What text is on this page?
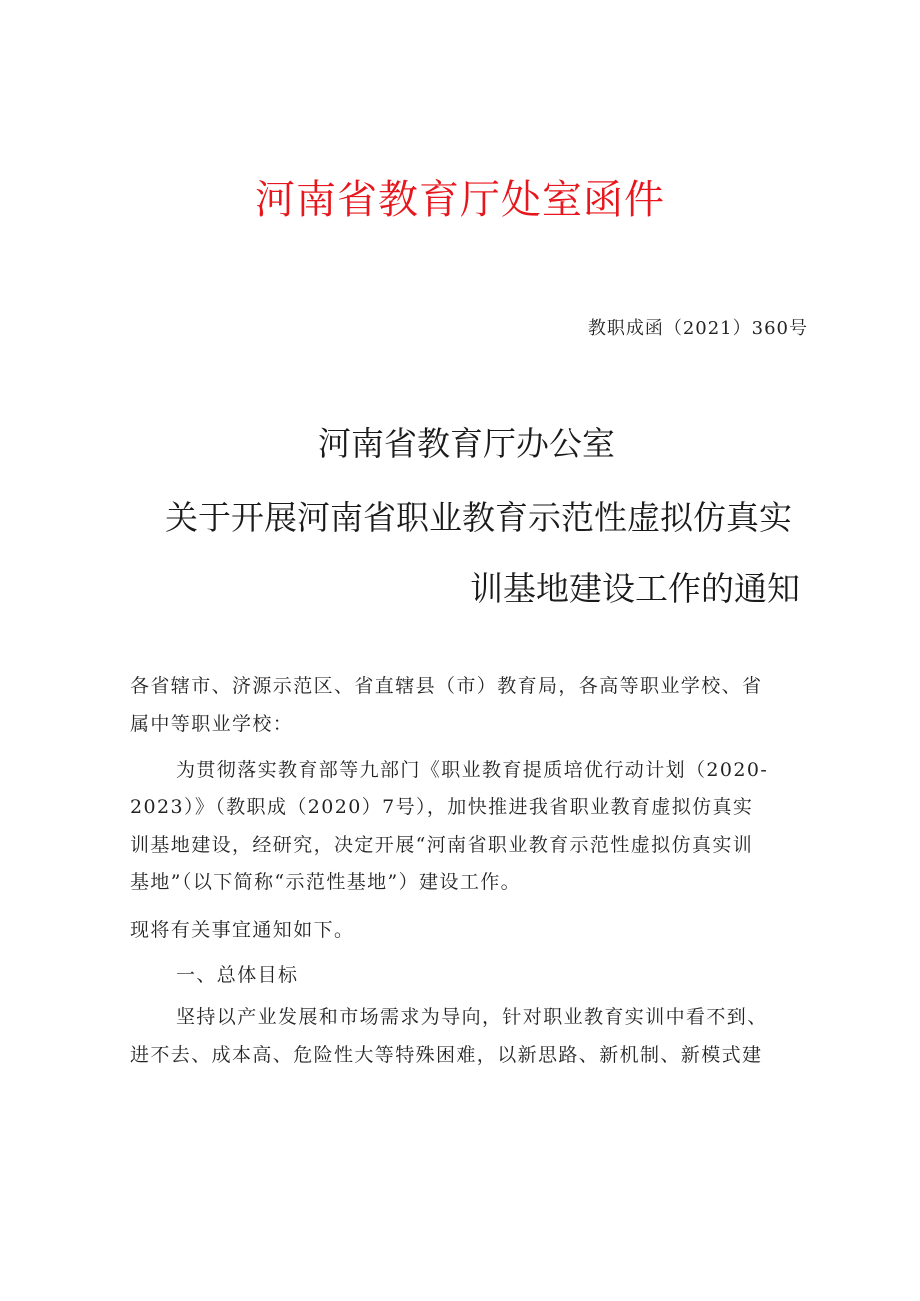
河南省教育厅处室函件
教职成函（2021）360号
河南省教育厅办公室
关于开展河南省职业教育示范性虚拟仿真实
训基地建设工作的通知
各省辖市、济源示范区、省直辖县（市）教育局，各高等职业学校、省
属中等职业学校：
为贯彻落实教育部等九部门《职业教育提质培优行动计划（2020-
2023）》（教职成（2020）7号），加快推进我省职业教育虚拟仿真实
训基地建设，经研究，决定开展“河南省职业教育示范性虚拟仿真实训
基地”（以下简称“示范性基地”）建设工作。
现将有关事宜通知如下。
一、总体目标
坚持以产业发展和市场需求为导向，针对职业教育实训中看不到、
进不去、成本高、危险性大等特殊困难，以新思路、新机制、新模式建
